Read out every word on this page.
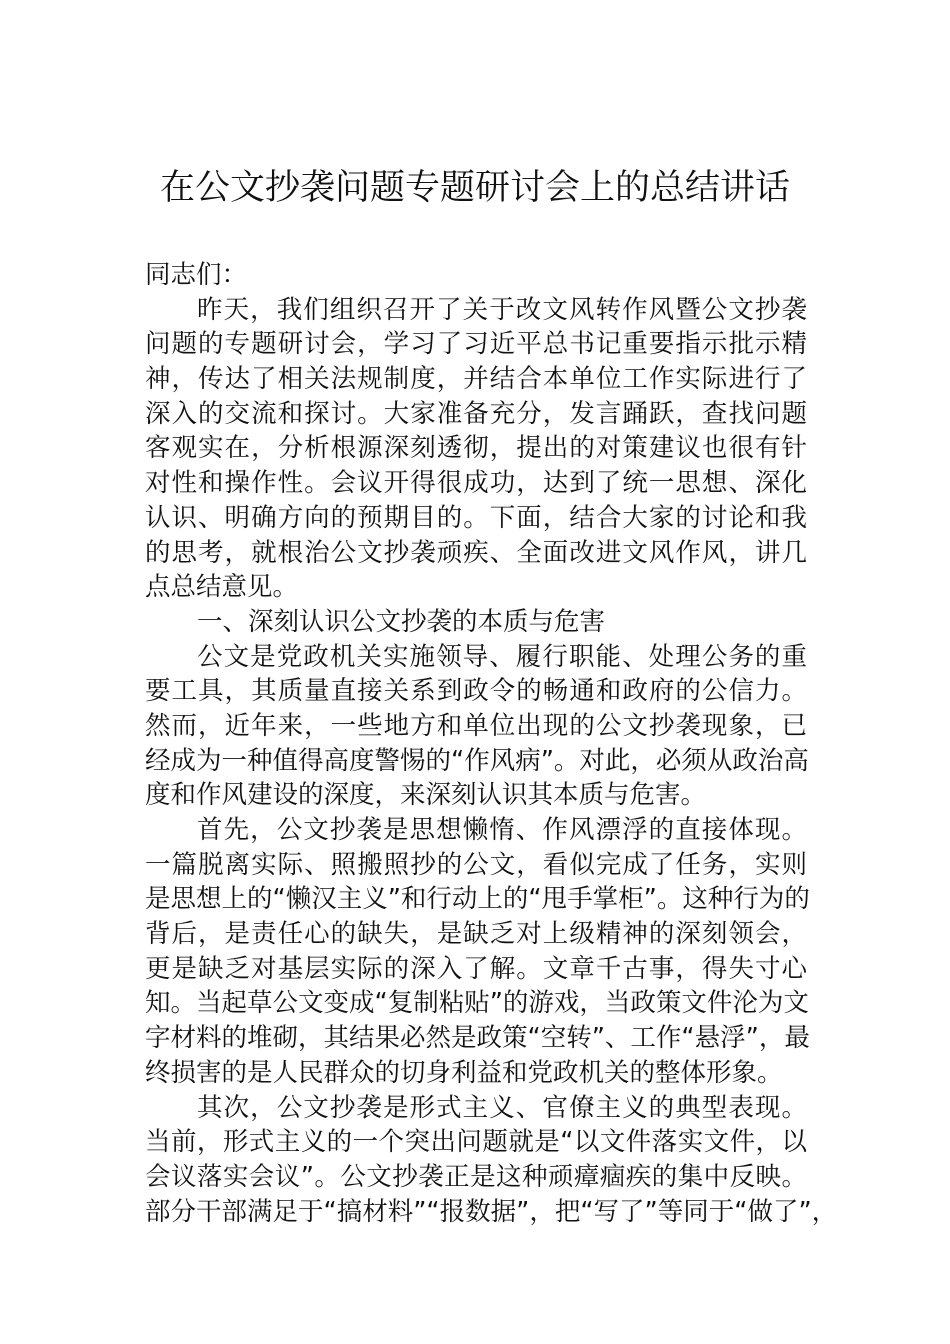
在公文抄袭问题专题研讨会上的总结讲话
同志们：
昨天，我们组织召开了关于改文风转作风暨公文抄袭
问题的专题研讨会，学习了习近平总书记重要指示批示精
神，传达了相关法规制度，并结合本单位工作实际进行了
深入的交流和探讨。大家准备充分，发言踊跃，查找问题
客观实在，分析根源深刻透彻，提出的对策建议也很有针
对性和操作性。会议开得很成功，达到了统一思想、深化
认识、明确方向的预期目的。下面，结合大家的讨论和我
的思考，就根治公文抄袭顽疾、全面改进文风作风，讲几
点总结意见。
一、深刻认识公文抄袭的本质与危害
公文是党政机关实施领导、履行职能、处理公务的重
要工具，其质量直接关系到政令的畅通和政府的公信力。
然而，近年来，一些地方和单位出现的公文抄袭现象，已
经成为一种值得高度警惕的“作风病”。对此，必须从政治高
度和作风建设的深度，来深刻认识其本质与危害。
首先，公文抄袭是思想懒惰、作风漂浮的直接体现。
一篇脱离实际、照搬照抄的公文，看似完成了任务，实则
是思想上的“懒汉主义”和行动上的“甩手掌柜”。这种行为的
背后，是责任心的缺失，是缺乏对上级精神的深刻领会，
更是缺乏对基层实际的深入了解。文章千古事，得失寸心
知。当起草公文变成“复制粘贴”的游戏，当政策文件沦为文
字材料的堆砌，其结果必然是政策“空转”、工作“悬浮”，最
终损害的是人民群众的切身利益和党政机关的整体形象。
其次，公文抄袭是形式主义、官僚主义的典型表现。
当前，形式主义的一个突出问题就是“以文件落实文件，以
会议落实会议”。公文抄袭正是这种顽瘴痼疾的集中反映。
部分干部满足于“搞材料”“报数据”，把“写了”等同于“做了”，
